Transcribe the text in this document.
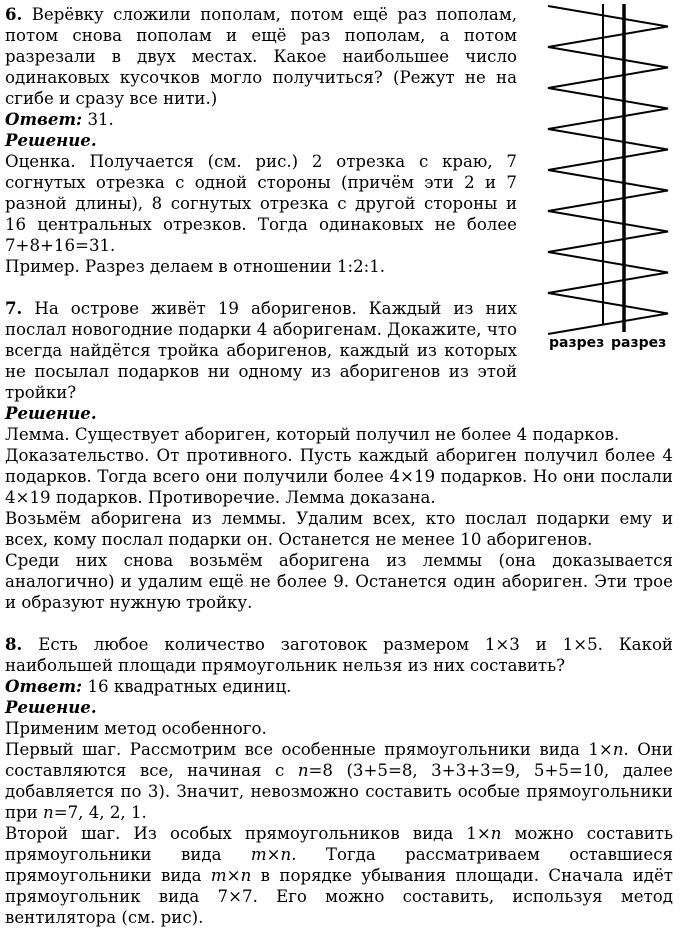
6. Верёвку сложили пополам, потом ещё раз пополам, потом снова пополам и ещё раз пополам, а потом разрезали в двух местах. Какое наибольшее число одинаковых кусочков могло получиться? (Режут не на сгибе и сразу все нити.)

Ответ: 31.

Решение.

Оценка. Получается (см. рис.) 2 отрезка с краю, 7 согнутых отрезка с одной стороны (причём эти 2 и 7 разной длины), 8 согнутых отрезка с другой стороны и 16 центральных отрезков. Тогда одинаковых не более 7+8+16=31.

Пример. Разрез делаем в отношении 1:2:1.

7. На острове живёт 19 аборигенов. Каждый из них послал новогодние подарки 4 аборигенам. Докажите, что всегда найдётся тройка аборигенов, каждый из которых не посылал подарков ни одному из аборигенов из этой тройки?

Решение.

Лемма. Существует абориген, который получил не более 4 подарков.

Доказательство. От противного. Пусть каждый абориген получил более 4 подарков. Тогда всего они получили более 4×19 подарков. Но они послали 4×19 подарков. Противоречие. Лемма доказана.

Возьмём аборигена из леммы. Удалим всех, кто послал подарки ему и всех, кому послал подарки он. Останется не менее 10 аборигенов.

Среди них снова возьмём аборигена из леммы (она доказывается аналогично) и удалим ещё не более 9. Останется один абориген. Эти трое и образуют нужную тройку.

8. Есть любое количество заготовок размером 1×3 и 1×5. Какой наибольшей площади прямоугольник нельзя из них составить?

Ответ: 16 квадратных единиц.

Решение.

Применим метод особенного.

Первый шаг. Рассмотрим все особенные прямоугольники вида 1×n. Они составляются все, начиная с n=8 (3+5=8, 3+3+3=9, 5+5=10, далее добавляется по 3). Значит, невозможно составить особые прямоугольники при n=7, 4, 2, 1.

Второй шаг. Из особых прямоугольников вида 1×n можно составить прямоугольники вида m×n. Тогда рассматриваем оставшиеся прямоугольники вида m×n в порядке убывания площади. Сначала идёт прямоугольник вида 7×7. Его можно составить, используя метод вентилятора (см. рис).

разрез разрез
